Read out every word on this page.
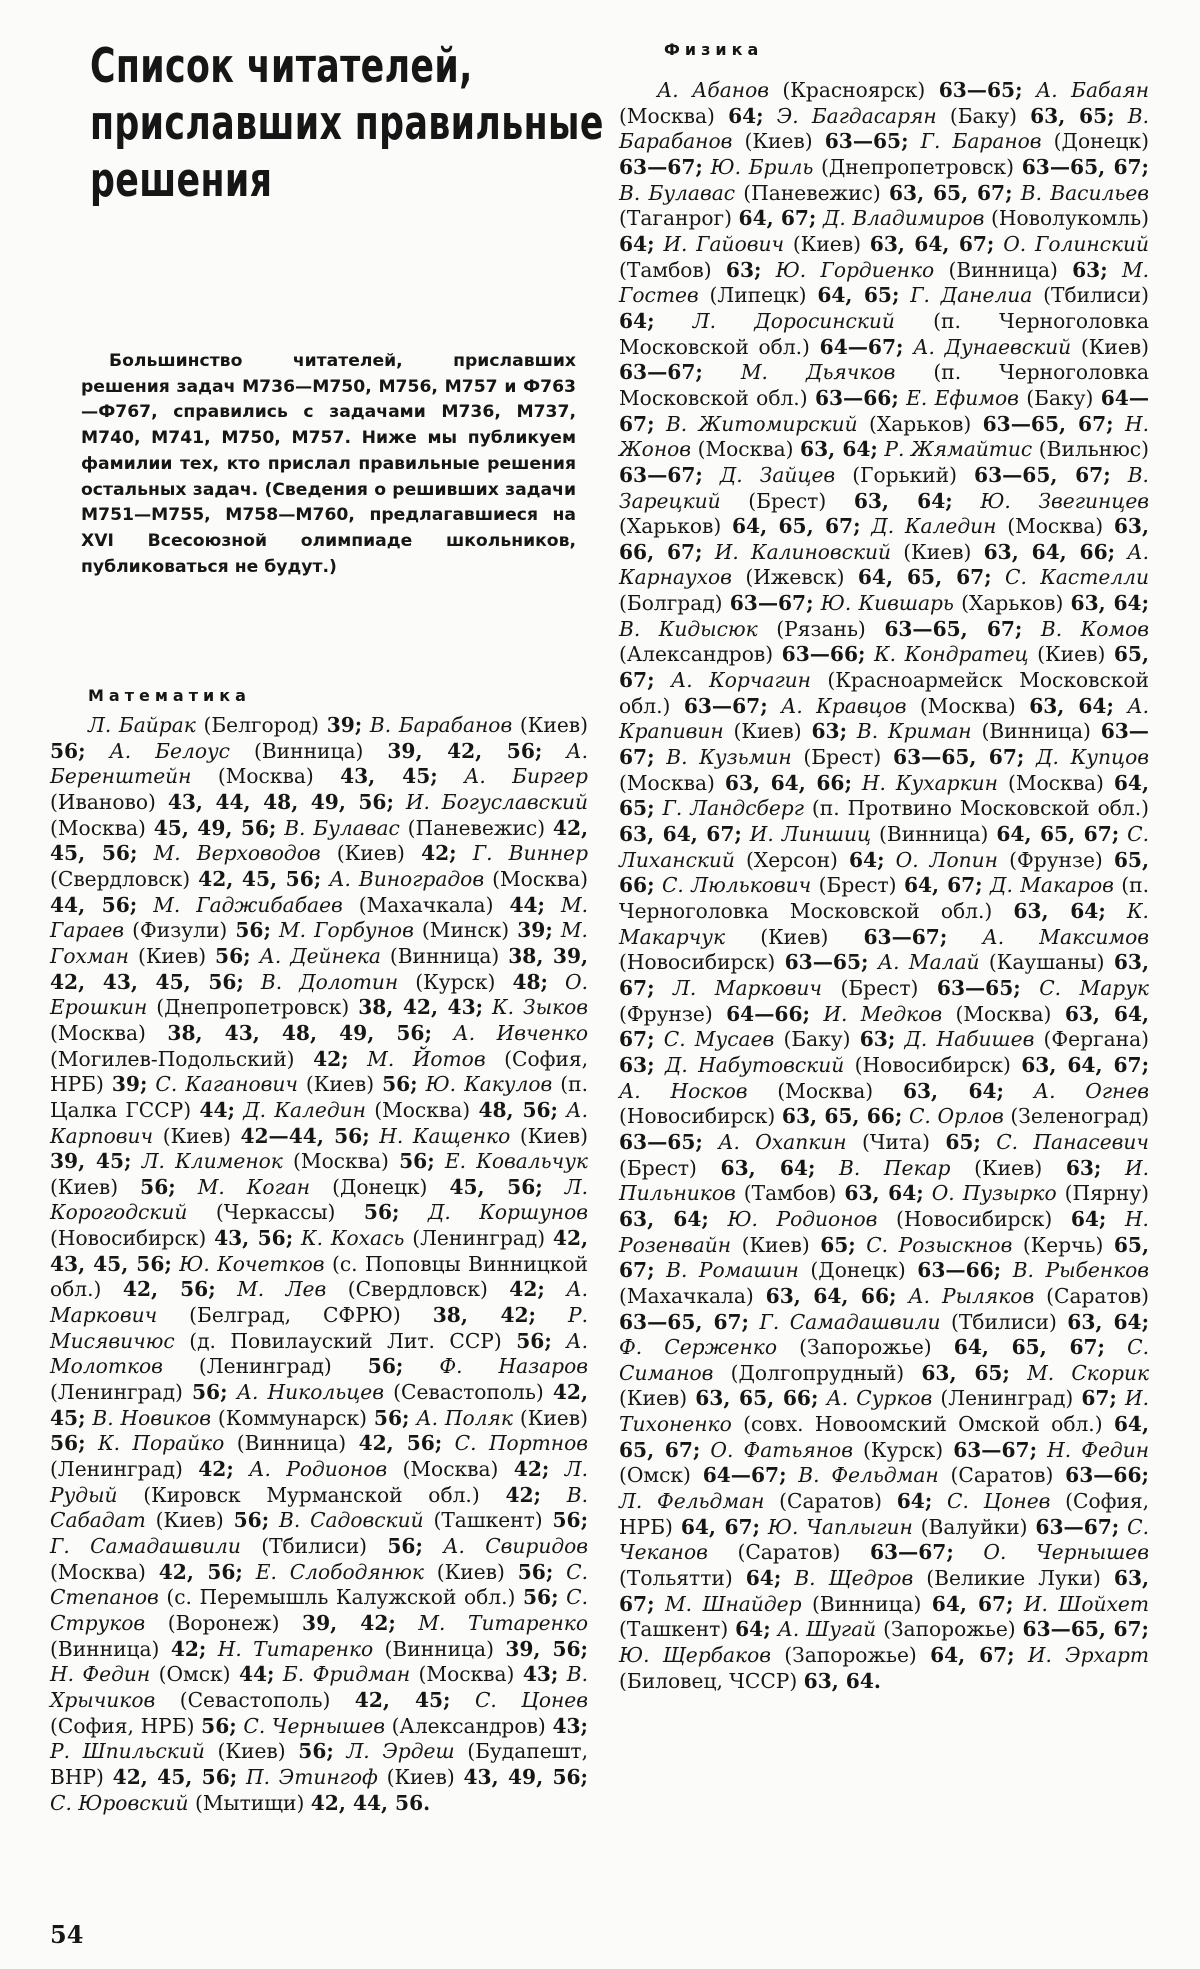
Список читателей,
приславших правильные
решения
Большинство читателей, приславших решения задач М736—М750, М756, М757 и Ф763—Ф767, справились с задачами М736, М737, М740, М741, М750, М757. Ниже мы публикуем фамилии тех, кто прислал правильные решения остальных задач. (Сведения о решивших задачи М751—М755, М758—М760, предлагавшиеся на XVI Всесоюзной олимпиаде школьников, публиковаться не будут.)
Математика
Л. Байрак (Белгород) 39; В. Барабанов (Киев) 56; А. Белоус (Винница) 39, 42, 56; А. Беренштейн (Москва) 43, 45; А. Биргер (Иваново) 43, 44, 48, 49, 56; И. Богуславский (Москва) 45, 49, 56; В. Булавас (Паневежис) 42, 45, 56; М. Верховодов (Киев) 42; Г. Виннер (Свердловск) 42, 45, 56; А. Виноградов (Москва) 44, 56; М. Гаджибабаев (Махачкала) 44; М. Гараев (Физули) 56; М. Горбунов (Минск) 39; М. Гохман (Киев) 56; А. Дейнека (Винница) 38, 39, 42, 43, 45, 56; В. Долотин (Курск) 48; О. Ерошкин (Днепропетровск) 38, 42, 43; К. Зыков (Москва) 38, 43, 48, 49, 56; А. Ивченко (Могилев-Подольский) 42; М. Йотов (София, НРБ) 39; С. Каганович (Киев) 56; Ю. Какулов (п. Цалка ГССР) 44; Д. Каледин (Москва) 48, 56; А. Карпович (Киев) 42—44, 56; Н. Кащенко (Киев) 39, 45; Л. Клименок (Москва) 56; Е. Ковальчук (Киев) 56; М. Коган (Донецк) 45, 56; Л. Корогодский (Черкассы) 56; Д. Коршунов (Новосибирск) 43, 56; К. Кохась (Ленинград) 42, 43, 45, 56; Ю. Кочетков (с. Поповцы Винницкой обл.) 42, 56; М. Лев (Свердловск) 42; А. Маркович (Белград, СФРЮ) 38, 42; Р. Мисявичюс (д. Повилауский Лит. ССР) 56; А. Молотков (Ленинград) 56; Ф. Назаров (Ленинград) 56; А. Никольцев (Севастополь) 42, 45; В. Новиков (Коммунарск) 56; А. Поляк (Киев) 56; К. Порайко (Винница) 42, 56; С. Портнов (Ленинград) 42; А. Родионов (Москва) 42; Л. Рудый (Кировск Мурманской обл.) 42; В. Сабадат (Киев) 56; В. Садовский (Ташкент) 56; Г. Самадашвили (Тбилиси) 56; А. Свиридов (Москва) 42, 56; Е. Слободянюк (Киев) 56; С. Степанов (с. Перемышль Калужской обл.) 56; С. Струков (Воронеж) 39, 42; М. Титаренко (Винница) 42; Н. Титаренко (Винница) 39, 56; Н. Федин (Омск) 44; Б. Фридман (Москва) 43; В. Хрычиков (Севастополь) 42, 45; С. Цонев (София, НРБ) 56; С. Чернышев (Александров) 43; Р. Шпильский (Киев) 56; Л. Эрдеш (Будапешт, ВНР) 42, 45, 56; П. Этингоф (Киев) 43, 49, 56; С. Юровский (Мытищи) 42, 44, 56.
Физика
А. Абанов (Красноярск) 63—65; А. Бабаян (Москва) 64; Э. Багдасарян (Баку) 63, 65; В. Барабанов (Киев) 63—65; Г. Баранов (Донецк) 63—67; Ю. Бриль (Днепропетровск) 63—65, 67; В. Булавас (Паневежис) 63, 65, 67; В. Васильев (Таганрог) 64, 67; Д. Владимиров (Новолукомль) 64; И. Гайович (Киев) 63, 64, 67; О. Голинский (Тамбов) 63; Ю. Гордиенко (Винница) 63; М. Гостев (Липецк) 64, 65; Г. Данелиа (Тбилиси) 64; Л. Доросинский (п. Черноголовка Московской обл.) 64—67; А. Дунаевский (Киев) 63—67; М. Дьячков (п. Черноголовка Московской обл.) 63—66; Е. Ефимов (Баку) 64—67; В. Житомирский (Харьков) 63—65, 67; Н. Жонов (Москва) 63, 64; Р. Жямайтис (Вильнюс) 63—67; Д. Зайцев (Горький) 63—65, 67; В. Зарецкий (Брест) 63, 64; Ю. Звегинцев (Харьков) 64, 65, 67; Д. Каледин (Москва) 63, 66, 67; И. Калиновский (Киев) 63, 64, 66; А. Карнаухов (Ижевск) 64, 65, 67; С. Кастелли (Болград) 63—67; Ю. Кившарь (Харьков) 63, 64; В. Кидысюк (Рязань) 63—65, 67; В. Комов (Александров) 63—66; К. Кондратец (Киев) 65, 67; А. Корчагин (Красноармейск Московской обл.) 63—67; А. Кравцов (Москва) 63, 64; А. Крапивин (Киев) 63; В. Криман (Винница) 63—67; В. Кузьмин (Брест) 63—65, 67; Д. Купцов (Москва) 63, 64, 66; Н. Кухаркин (Москва) 64, 65; Г. Ландсберг (п. Протвино Московской обл.) 63, 64, 67; И. Линшиц (Винница) 64, 65, 67; С. Лиханский (Херсон) 64; О. Лопин (Фрунзе) 65, 66; С. Люлькович (Брест) 64, 67; Д. Макаров (п. Черноголовка Московской обл.) 63, 64; К. Макарчук (Киев) 63—67; А. Максимов (Новосибирск) 63—65; А. Малай (Каушаны) 63, 67; Л. Маркович (Брест) 63—65; С. Марук (Фрунзе) 64—66; И. Медков (Москва) 63, 64, 67; С. Мусаев (Баку) 63; Д. Набишев (Фергана) 63; Д. Набутовский (Новосибирск) 63, 64, 67; А. Носков (Москва) 63, 64; А. Огнев (Новосибирск) 63, 65, 66; С. Орлов (Зеленоград) 63—65; А. Охапкин (Чита) 65; С. Панасевич (Брест) 63, 64; В. Пекар (Киев) 63; И. Пильников (Тамбов) 63, 64; О. Пузырко (Пярну) 63, 64; Ю. Родионов (Новосибирск) 64; Н. Розенвайн (Киев) 65; С. Розыскнов (Керчь) 65, 67; В. Ромашин (Донецк) 63—66; В. Рыбенков (Махачкала) 63, 64, 66; А. Рыляков (Саратов) 63—65, 67; Г. Самадашвили (Тбилиси) 63, 64; Ф. Серженко (Запорожье) 64, 65, 67; С. Симанов (Долгопрудный) 63, 65; М. Скорик (Киев) 63, 65, 66; А. Сурков (Ленинград) 67; И. Тихоненко (совх. Новоомский Омской обл.) 64, 65, 67; О. Фатьянов (Курск) 63—67; Н. Федин (Омск) 64—67; В. Фельдман (Саратов) 63—66; Л. Фельдман (Саратов) 64; С. Цонев (София, НРБ) 64, 67; Ю. Чаплыгин (Валуйки) 63—67; С. Чеканов (Саратов) 63—67; О. Чернышев (Тольятти) 64; В. Щедров (Великие Луки) 63, 67; М. Шнайдер (Винница) 64, 67; И. Шойхет (Ташкент) 64; А. Шугай (Запорожье) 63—65, 67; Ю. Щербаков (Запорожье) 64, 67; И. Эрхарт (Биловец, ЧССР) 63, 64.
54
